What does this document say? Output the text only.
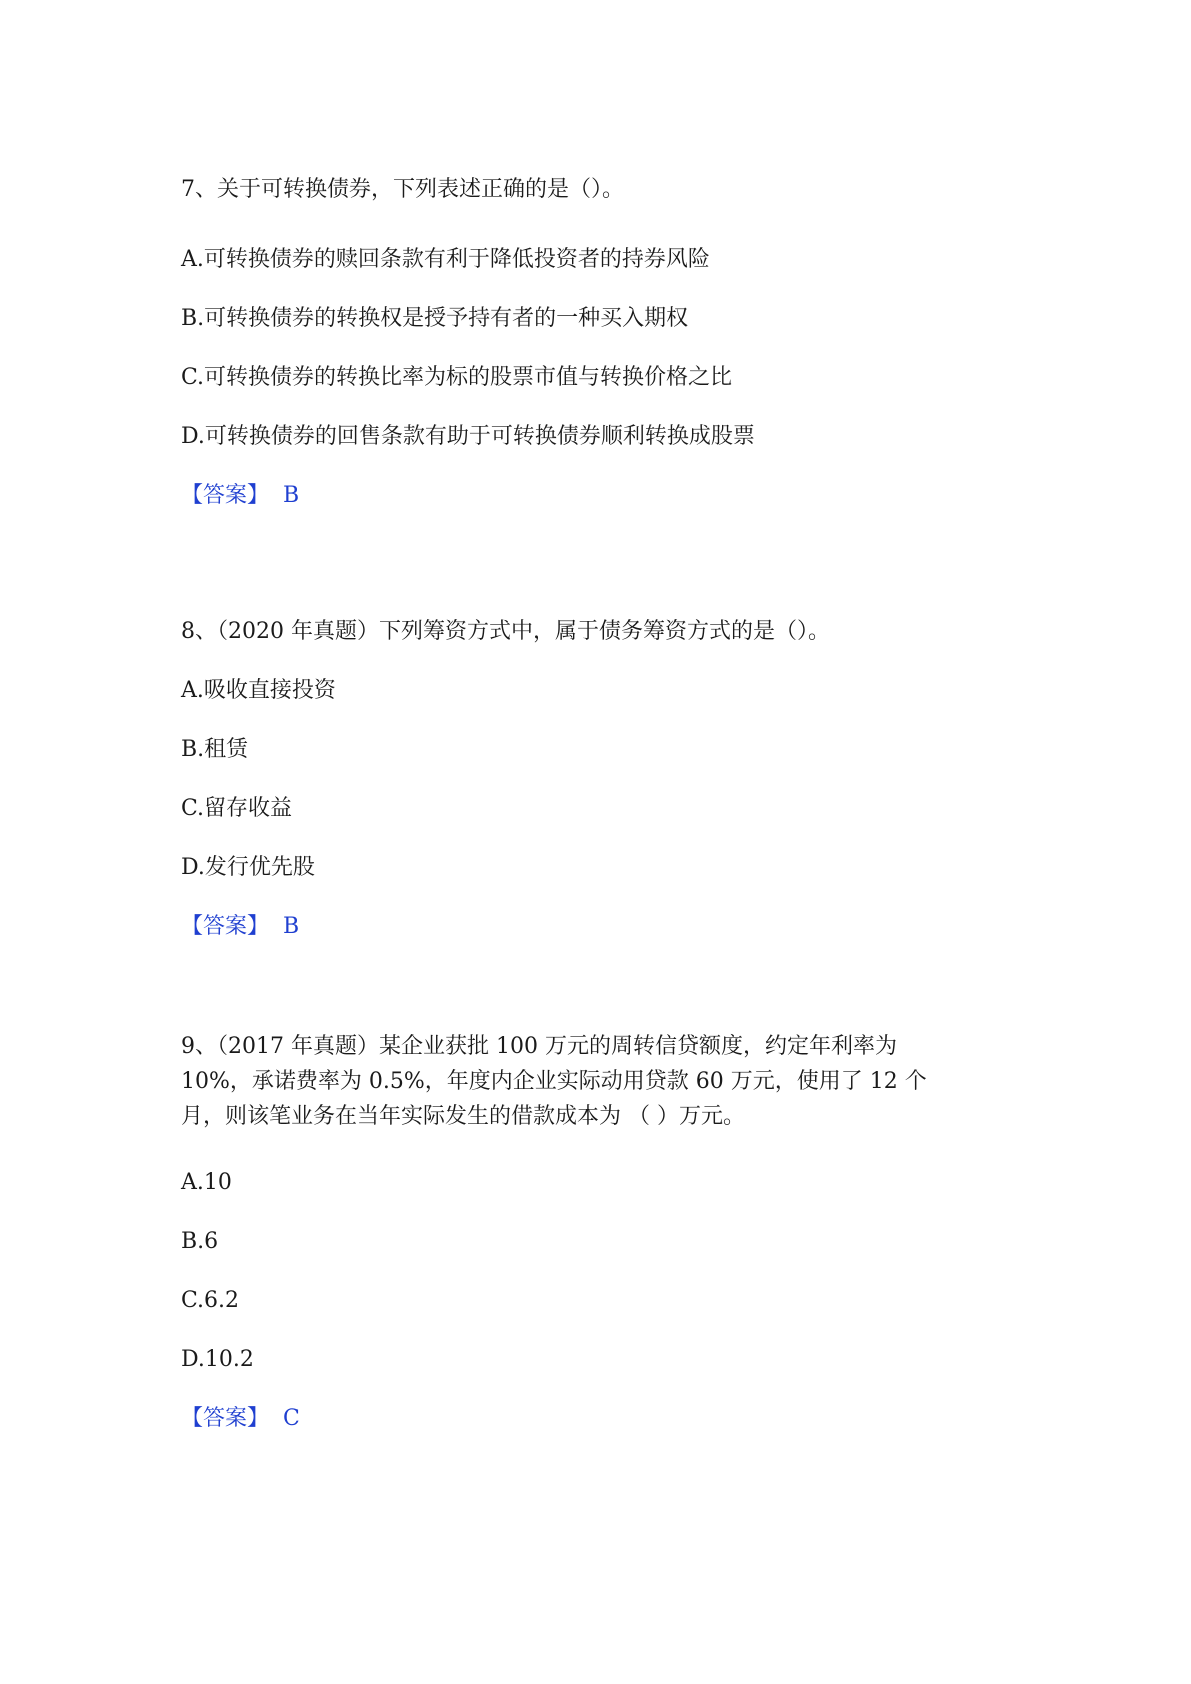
7、关于可转换债券，下列表述正确的是（）。
A.可转换债券的赎回条款有利于降低投资者的持券风险
B.可转换债券的转换权是授予持有者的一种买入期权
C.可转换债券的转换比率为标的股票市值与转换价格之比
D.可转换债券的回售条款有助于可转换债券顺利转换成股票
【答案】 B
8、（2020 年真题）下列筹资方式中，属于债务筹资方式的是（）。
A.吸收直接投资
B.租赁
C.留存收益
D.发行优先股
【答案】 B
9、（2017 年真题）某企业获批 100 万元的周转信贷额度，约定年利率为
10%，承诺费率为 0.5%，年度内企业实际动用贷款 60 万元，使用了 12 个
月，则该笔业务在当年实际发生的借款成本为 （ ）万元。
A.10
B.6
C.6.2
D.10.2
【答案】 C
